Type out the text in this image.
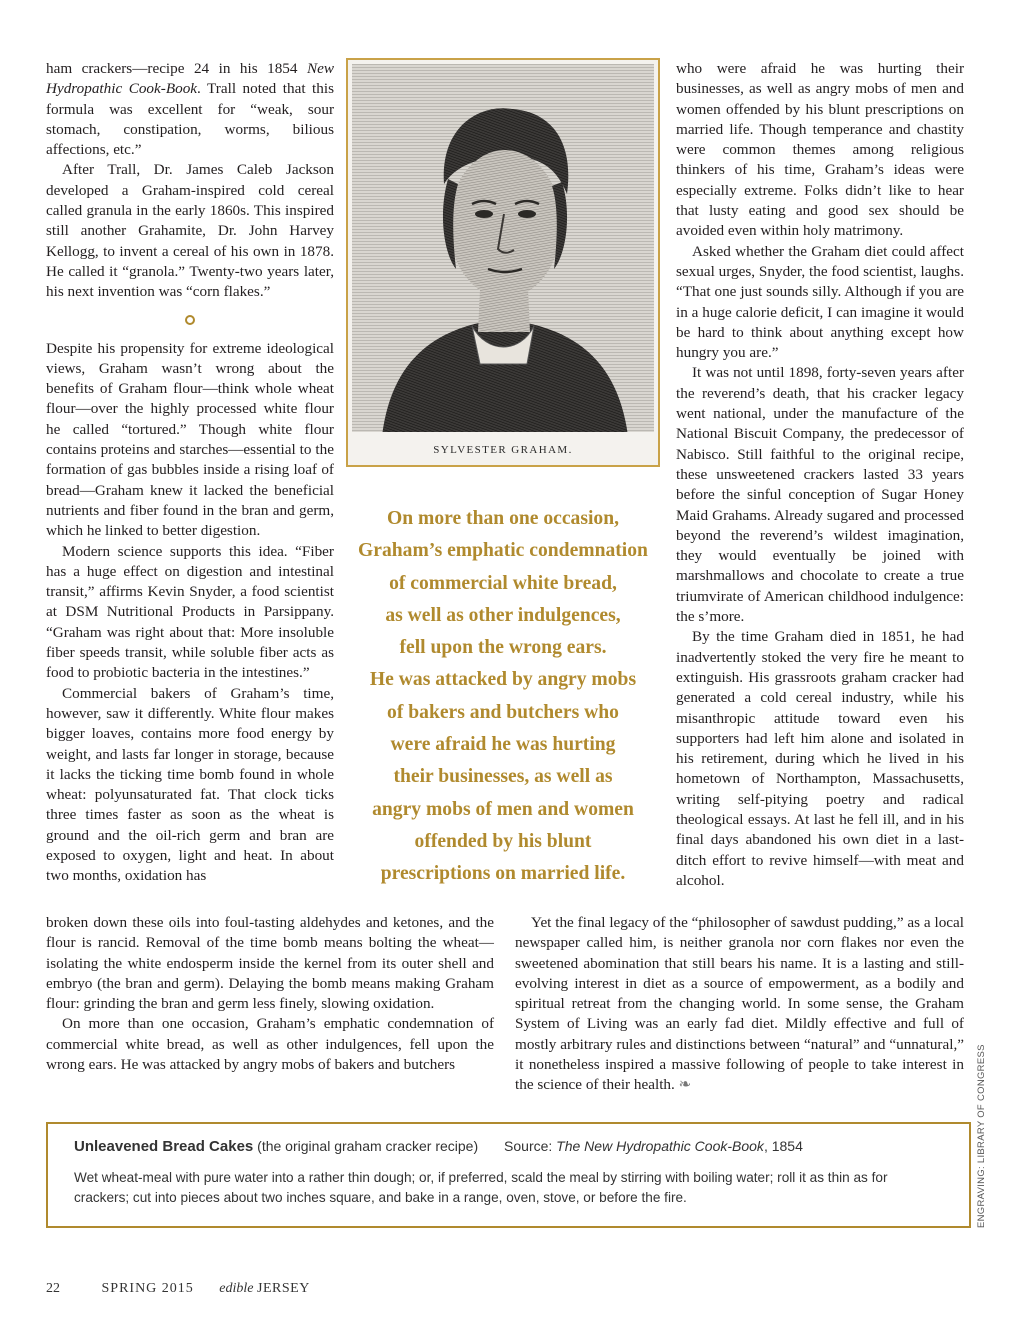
ham crackers—recipe 24 in his 1854 New Hydropathic Cook-Book. Trall noted that this formula was excellent for “weak, sour stomach, constipation, worms, bilious affections, etc.”

After Trall, Dr. James Caleb Jackson developed a Graham-inspired cold cereal called granula in the early 1860s. This inspired still another Grahamite, Dr. John Harvey Kellogg, to invent a cereal of his own in 1878. He called it “granola.” Twenty-two years later, his next invention was “corn flakes.”

Despite his propensity for extreme ideological views, Graham wasn’t wrong about the benefits of Graham flour—think whole wheat flour—over the highly processed white flour he called “tortured.” Though white flour contains proteins and starches—essential to the formation of gas bubbles inside a rising loaf of bread—Graham knew it lacked the beneficial nutrients and fiber found in the bran and germ, which he linked to better digestion.

Modern science supports this idea. “Fiber has a huge effect on digestion and intestinal transit,” affirms Kevin Snyder, a food scientist at DSM Nutritional Products in Parsippany. “Graham was right about that: More insoluble fiber speeds transit, while soluble fiber acts as food to probiotic bacteria in the intestines.”

Commercial bakers of Graham’s time, however, saw it differently. White flour makes bigger loaves, contains more food energy by weight, and lasts far longer in storage, because it lacks the ticking time bomb found in whole wheat: polyunsaturated fat. That clock ticks three times faster as soon as the wheat is ground and the oil-rich germ and bran are exposed to oxygen, light and heat. In about two months, oxidation has

SYLVESTER GRAHAM.
On more than one occasion,
Graham’s emphatic condemnation
of commercial white bread,
as well as other indulgences,
fell upon the wrong ears.
He was attacked by angry mobs
of bakers and butchers who
were afraid he was hurting
their businesses, as well as
angry mobs of men and women
offended by his blunt
prescriptions on married life.

who were afraid he was hurting their businesses, as well as angry mobs of men and women offended by his blunt prescriptions on married life. Though temperance and chastity were common themes among religious thinkers of his time, Graham’s ideas were especially extreme. Folks didn’t like to hear that lusty eating and good sex should be avoided even within holy matrimony.

Asked whether the Graham diet could affect sexual urges, Snyder, the food scientist, laughs. “That one just sounds silly. Although if you are in a huge calorie deficit, I can imagine it would be hard to think about anything except how hungry you are.”

It was not until 1898, forty-seven years after the reverend’s death, that his cracker legacy went national, under the manufacture of the National Biscuit Company, the predecessor of Nabisco. Still faithful to the original recipe, these unsweetened crackers lasted 33 years before the sinful conception of Sugar Honey Maid Grahams. Already sugared and processed beyond the reverend’s wildest imagination, they would eventually be joined with marshmallows and chocolate to create a true triumvirate of American childhood indulgence: the s’more.

By the time Graham died in 1851, he had inadvertently stoked the very fire he meant to extinguish. His grassroots graham cracker had generated a cold cereal industry, while his misanthropic attitude toward even his supporters had left him alone and isolated in his retirement, during which he lived in his hometown of Northampton, Massachusetts, writing self-pitying poetry and radical theological essays. At last he fell ill, and in his final days abandoned his own diet in a last-ditch effort to revive himself—with meat and alcohol.

broken down these oils into foul-tasting aldehydes and ketones, and the flour is rancid. Removal of the time bomb means bolting the wheat—isolating the white endosperm inside the kernel from its outer shell and embryo (the bran and germ). Delaying the bomb means making Graham flour: grinding the bran and germ less finely, slowing oxidation.

On more than one occasion, Graham’s emphatic condemnation of commercial white bread, as well as other indulgences, fell upon the wrong ears. He was attacked by angry mobs of bakers and butchers

Yet the final legacy of the “philosopher of sawdust pudding,” as a local newspaper called him, is neither granola nor corn flakes nor even the sweetened abomination that still bears his name. It is a lasting and still-evolving interest in diet as a source of empowerment, as a bodily and spiritual retreat from the changing world. In some sense, the Graham System of Living was an early fad diet. Mildly effective and full of mostly arbitrary rules and distinctions between “natural” and “unnatural,” it nonetheless inspired a massive following of people to take interest in the science of their health. ❧

Unleavened Bread Cakes (the original graham cracker recipe) Source: The New Hydropathic Cook-Book, 1854
Wet wheat-meal with pure water into a rather thin dough; or, if preferred, scald the meal by stirring with boiling water; roll it as thin as for crackers; cut into pieces about two inches square, and bake in a range, oven, stove, or before the fire.	ENGRAVING: LIBRARY OF CONGRESS
22	SPRING 2015 edible JERSEY
